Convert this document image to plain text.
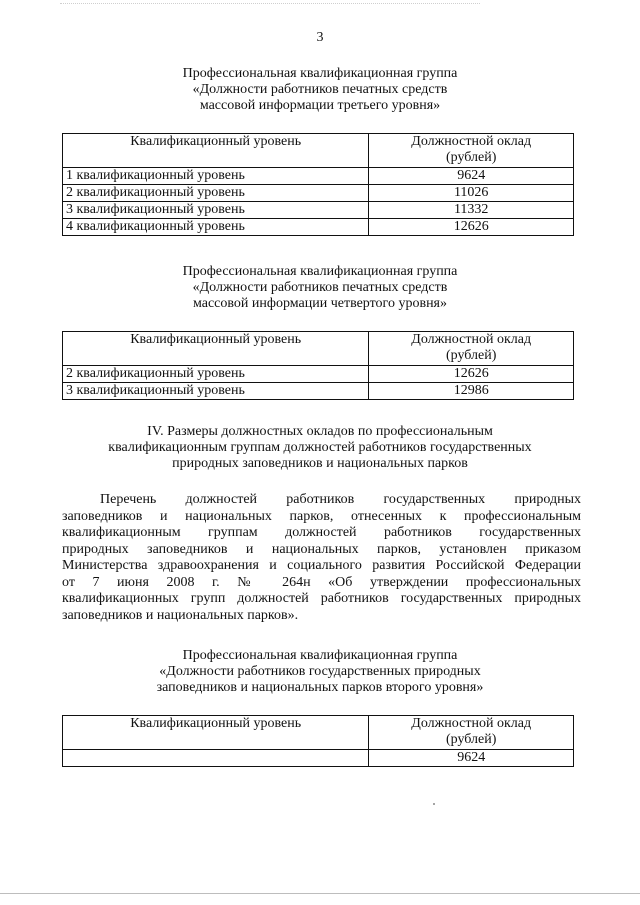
3
Профессиональная квалификационная группа
«Должности работников печатных средств
массовой информации третьего уровня»
Квалификационный уровень	Должностной оклад
(рублей)

1 квалификационный уровень	9624
2 квалификационный уровень	11026
3 квалификационный уровень	11332
4 квалификационный уровень	12626
Профессиональная квалификационная группа
«Должности работников печатных средств
массовой информации четвертого уровня»
Квалификационный уровень	Должностной оклад
(рублей)

2 квалификационный уровень	12626
3 квалификационный уровень	12986
IV. Размеры должностных окладов по профессиональным
квалификационным группам должностей работников государственных
природных заповедников и национальных парков
Перечень должностей работников государственных природных
заповедников и национальных парков, отнесенных к профессиональным
квалификационным группам должностей работников государственных
природных заповедников и национальных парков, установлен приказом
Министерства здравоохранения и социального развития Российской Федерации
от 7 июня 2008 г. № 264н «Об утверждении профессиональных
квалификационных групп должностей работников государственных природных
заповедников и национальных парков».
Профессиональная квалификационная группа
«Должности работников государственных природных
заповедников и национальных парков второго уровня»
Квалификационный уровень	Должностной оклад
(рублей)

	9624
